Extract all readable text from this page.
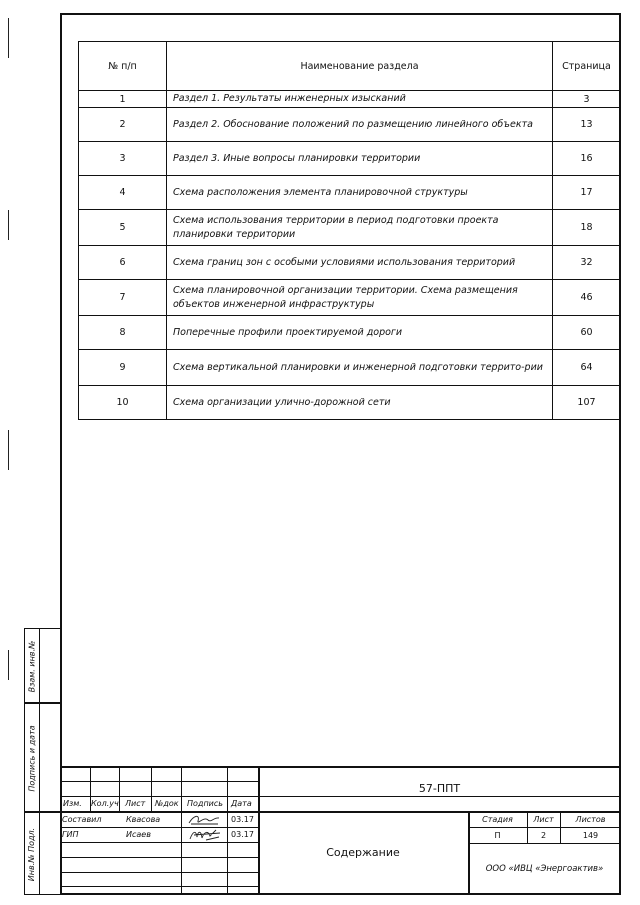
Взам. инв.№
Подпись и дата
Инв.№ Подл.
№ п/п	Наименование раздела	Страница
1	Раздел 1. Результаты инженерных изысканий	3
2	Раздел 2. Обоснование положений по размещению линейного объекта	13
3	Раздел 3. Иные вопросы планировки территории	16
4	Схема расположения элемента планировочной структуры	17
5	Схема использования территории в период подготовки проекта планировки территории	18
6	Схема границ зон с особыми условиями использования территорий	32
7	Схема планировочной организации территории. Схема размещения объектов инженерной инфраструктуры	46
8	Поперечные профили проектируемой дороги	60
9	Схема вертикальной планировки и инженерной подготовки террито-рии	64
10	Схема организации улично-дорожной сети	107
57-ППТ
Изм. Кол.уч Лист №док Подпись Дата
Составил	Квасова	03.17
ГИП	Исаев	03.17
Содержание
Стадия	Лист	Листов
П	2	149
ООО «ИВЦ «Энергоактив»
